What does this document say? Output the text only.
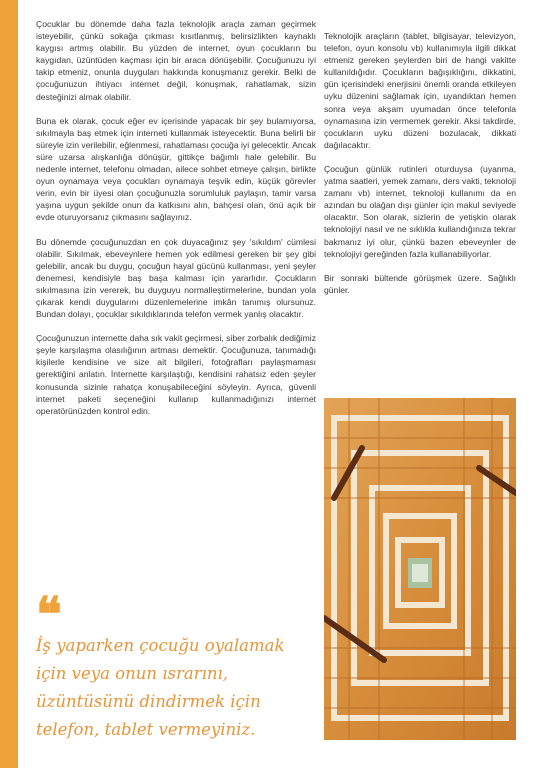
Çocuklar bu dönemde daha fazla teknolojik araçla zaman geçirmek isteyebilir, çünkü sokağa çıkması kısıtlanmış, belirsizlikten kaynaklı kaygısı artmış olabilir. Bu yüzden de internet, oyun çocukların bu kaygıdan, üzüntüden kaçması için bir araca dönüşebilir. Çocuğunuzu iyi takip etmeniz, onunla duyguları hakkında konuşmanız gerekir. Belki de çocuğunuzun ihtiyacı internet değil, konuşmak, rahatlamak, sizin desteğinizi almak olabilir.

Buna ek olarak, çocuk eğer ev içerisinde yapacak bir şey bulamıyorsa, sıkılmayla baş etmek için interneti kullanmak isteyecektir. Buna belirli bir süreyle izin verilebilir, eğlenmesi, rahatlaması çocuğa iyi gelecektir. Ancak süre uzarsa alışkanlığa dönüşür, gittikçe bağımlı hale gelebilir. Bu nedenle internet, telefonu olmadan, ailece sohbet etmeye çalışın, birlikte oyun oynamaya veya çocukları oynamaya teşvik edin, küçük görevler verin, evin bir üyesi olan çocuğunuzla sorumluluk paylaşın, tamir varsa yaşına uygun şekilde onun da katkısını alın, bahçesi olan, önü açık bir evde oturuyorsanız çıkmasını sağlayınız.

Bu dönemde çocuğunuzdan en çok duyacağınız şey 'sıkıldım' cümlesi olabilir. Sıkılmak, ebeveynlere hemen yok edilmesi gereken bir şey gibi gelebilir, ancak bu duygu, çocuğun hayal gücünü kullanması, yeni şeyler denemesi, kendisiyle baş başa kalması için yararlıdır. Çocukların sıkılmasına izin vererek, bu duyguyu normalleştirmelerine, bundan yola çıkarak kendi duygularını düzenlemelerine imkân tanımış olursunuz. Bundan dolayı, çocuklar sıkıldıklarında telefon vermek yanlış olacaktır.

Çocuğunuzun internette daha sık vakit geçirmesi, siber zorbalık dediğimiz şeyle karşılaşma olasılığının artması demektir. Çocuğunuza, tanımadığı kişilerle kendisine ve size ait bilgileri, fotoğrafları paylaşmaması gerektiğini anlatın. İnternette karşılaştığı, kendisini rahatsız eden şeyler konusunda sizinle rahatça konuşabileceğini söyleyin. Ayrıca, güvenli internet paketi seçeneğini kullanıp kullanmadığınızı internet operatörünüzden kontrol edin.

Teknolojik araçların (tablet, bilgisayar, televizyon, telefon, oyun konsolu vb) kullanımıyla ilgili dikkat etmeniz gereken şeylerden biri de hangi vakitte kullanıldığıdır. Çocukların bağışıklığını, dikkatini, gün içerisindeki enerjisini önemli oranda etkileyen uyku düzenini sağlamak için, uyandıktan hemen sonra veya akşam uyumadan önce telefonla oynamasına izin vermemek gerekir. Aksi takdirde, çocukların uyku düzeni bozulacak, dikkati dağılacaktır.

Çocuğun günlük rutinleri oturduysa (uyanma, yatma saatleri, yemek zamanı, ders vakti, teknoloji zamanı vb) internet, teknoloji kullanımı da en azından bu olağan dışı günler için makul seviyede olacaktır. Son olarak, sizlerin de yetişkin olarak teknolojiyi nasıl ve ne sıklıkla kullandığınıza tekrar bakmanız iyi olur, çünkü bazen ebeveynler de teknolojiyi gereğinden fazla kullanabiliyorlar.

Bir sonraki bültende görüşmek üzere. Sağlıklı günler.

❝
İş yaparken çocuğu oyalamak için veya onun ısrarını, üzüntüsünü dindirmek için telefon, tablet vermeyiniz.
